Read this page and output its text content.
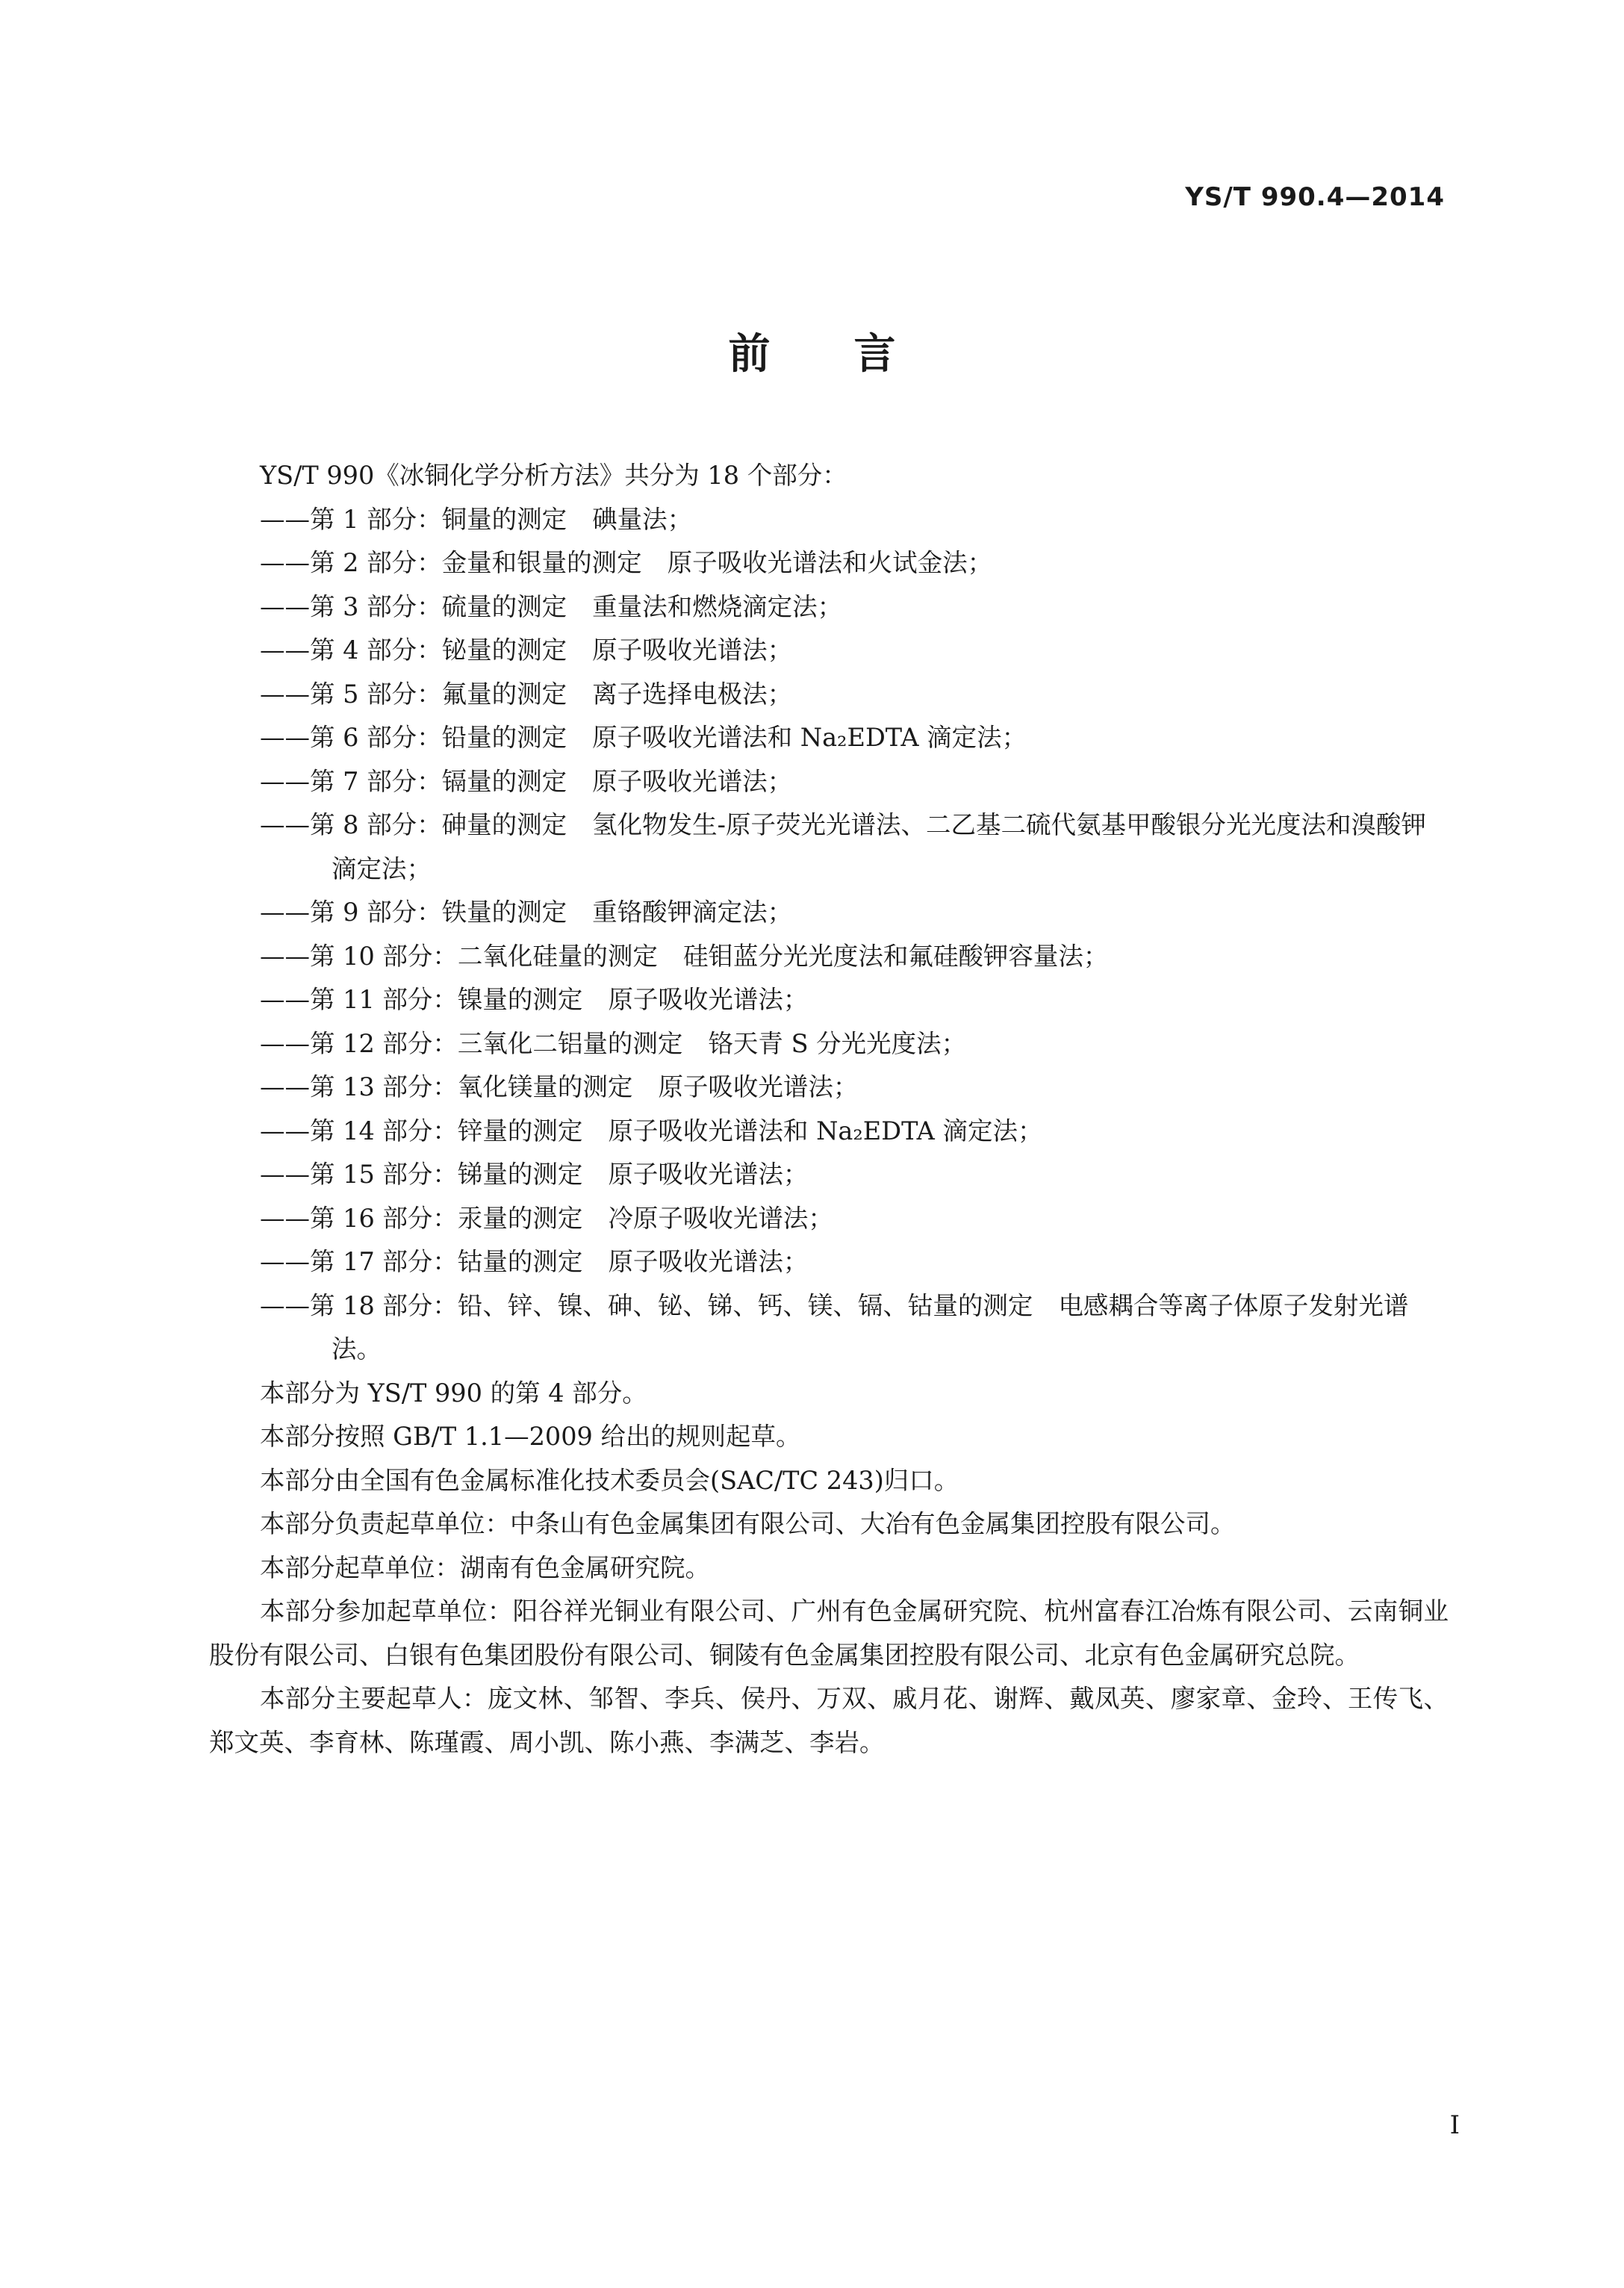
YS/T 990.4—2014
前 言
YS/T 990《冰铜化学分析方法》共分为 18 个部分：
——第 1 部分：铜量的测定 碘量法；
——第 2 部分：金量和银量的测定 原子吸收光谱法和火试金法；
——第 3 部分：硫量的测定 重量法和燃烧滴定法；
——第 4 部分：铋量的测定 原子吸收光谱法；
——第 5 部分：氟量的测定 离子选择电极法；
——第 6 部分：铅量的测定 原子吸收光谱法和 Na₂EDTA 滴定法；
——第 7 部分：镉量的测定 原子吸收光谱法；
——第 8 部分：砷量的测定 氢化物发生-原子荧光光谱法、二乙基二硫代氨基甲酸银分光光度法和溴酸钾滴定法；
——第 9 部分：铁量的测定 重铬酸钾滴定法；
——第 10 部分：二氧化硅量的测定 硅钼蓝分光光度法和氟硅酸钾容量法；
——第 11 部分：镍量的测定 原子吸收光谱法；
——第 12 部分：三氧化二铝量的测定 铬天青 S 分光光度法；
——第 13 部分：氧化镁量的测定 原子吸收光谱法；
——第 14 部分：锌量的测定 原子吸收光谱法和 Na₂EDTA 滴定法；
——第 15 部分：锑量的测定 原子吸收光谱法；
——第 16 部分：汞量的测定 冷原子吸收光谱法；
——第 17 部分：钴量的测定 原子吸收光谱法；
——第 18 部分：铅、锌、镍、砷、铋、锑、钙、镁、镉、钴量的测定 电感耦合等离子体原子发射光谱法。
本部分为 YS/T 990 的第 4 部分。
本部分按照 GB/T 1.1—2009 给出的规则起草。
本部分由全国有色金属标准化技术委员会(SAC/TC 243)归口。
本部分负责起草单位：中条山有色金属集团有限公司、大冶有色金属集团控股有限公司。
本部分起草单位：湖南有色金属研究院。
本部分参加起草单位：阳谷祥光铜业有限公司、广州有色金属研究院、杭州富春江冶炼有限公司、云南铜业股份有限公司、白银有色集团股份有限公司、铜陵有色金属集团控股有限公司、北京有色金属研究总院。
本部分主要起草人：庞文林、邹智、李兵、侯丹、万双、戚月花、谢辉、戴凤英、廖家章、金玲、王传飞、郑文英、李育林、陈瑾霞、周小凯、陈小燕、李满芝、李岩。
I
